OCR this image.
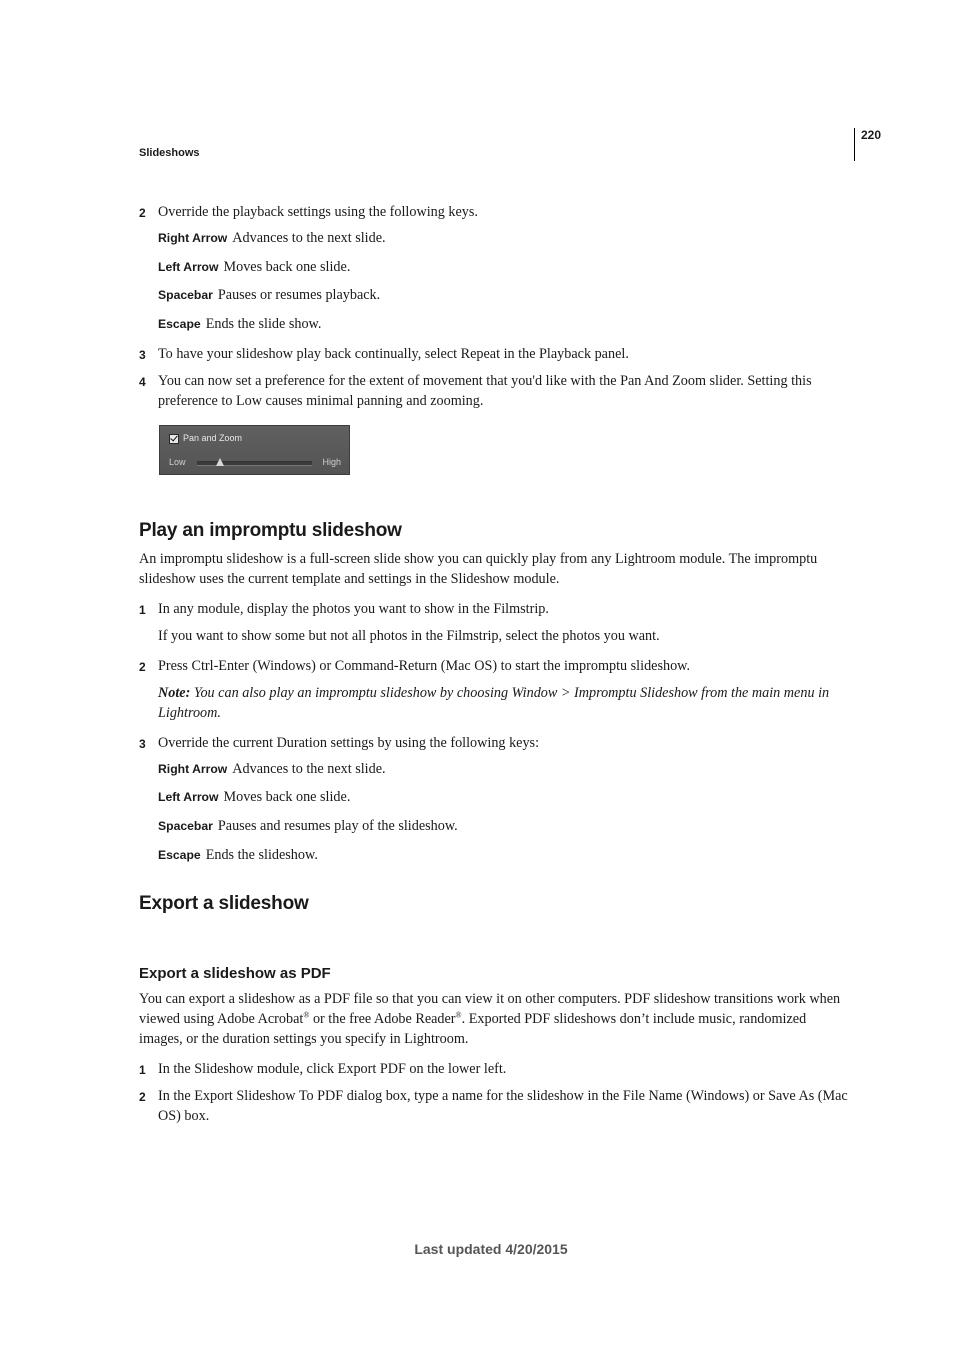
220
Slideshows
2 Override the playback settings using the following keys.
Right Arrow Advances to the next slide.
Left Arrow Moves back one slide.
Spacebar Pauses or resumes playback.
Escape Ends the slide show.
3 To have your slideshow play back continually, select Repeat in the Playback panel.
4 You can now set a preference for the extent of movement that you'd like with the Pan And Zoom slider. Setting this preference to Low causes minimal panning and zooming.
Pan and Zoom
Low	High
Play an impromptu slideshow
An impromptu slideshow is a full-screen slide show you can quickly play from any Lightroom module. The impromptu slideshow uses the current template and settings in the Slideshow module.
1 In any module, display the photos you want to show in the Filmstrip.
If you want to show some but not all photos in the Filmstrip, select the photos you want.
2 Press Ctrl-Enter (Windows) or Command-Return (Mac OS) to start the impromptu slideshow.
Note: You can also play an impromptu slideshow by choosing Window > Impromptu Slideshow from the main menu in Lightroom.
3 Override the current Duration settings by using the following keys:
Right Arrow Advances to the next slide.
Left Arrow Moves back one slide.
Spacebar Pauses and resumes play of the slideshow.
Escape Ends the slideshow.
Export a slideshow
Export a slideshow as PDF
You can export a slideshow as a PDF file so that you can view it on other computers. PDF slideshow transitions work when viewed using Adobe Acrobat® or the free Adobe Reader®. Exported PDF slideshows don’t include music, randomized images, or the duration settings you specify in Lightroom.
1 In the Slideshow module, click Export PDF on the lower left.
2 In the Export Slideshow To PDF dialog box, type a name for the slideshow in the File Name (Windows) or Save As (Mac OS) box.
Last updated 4/20/2015
